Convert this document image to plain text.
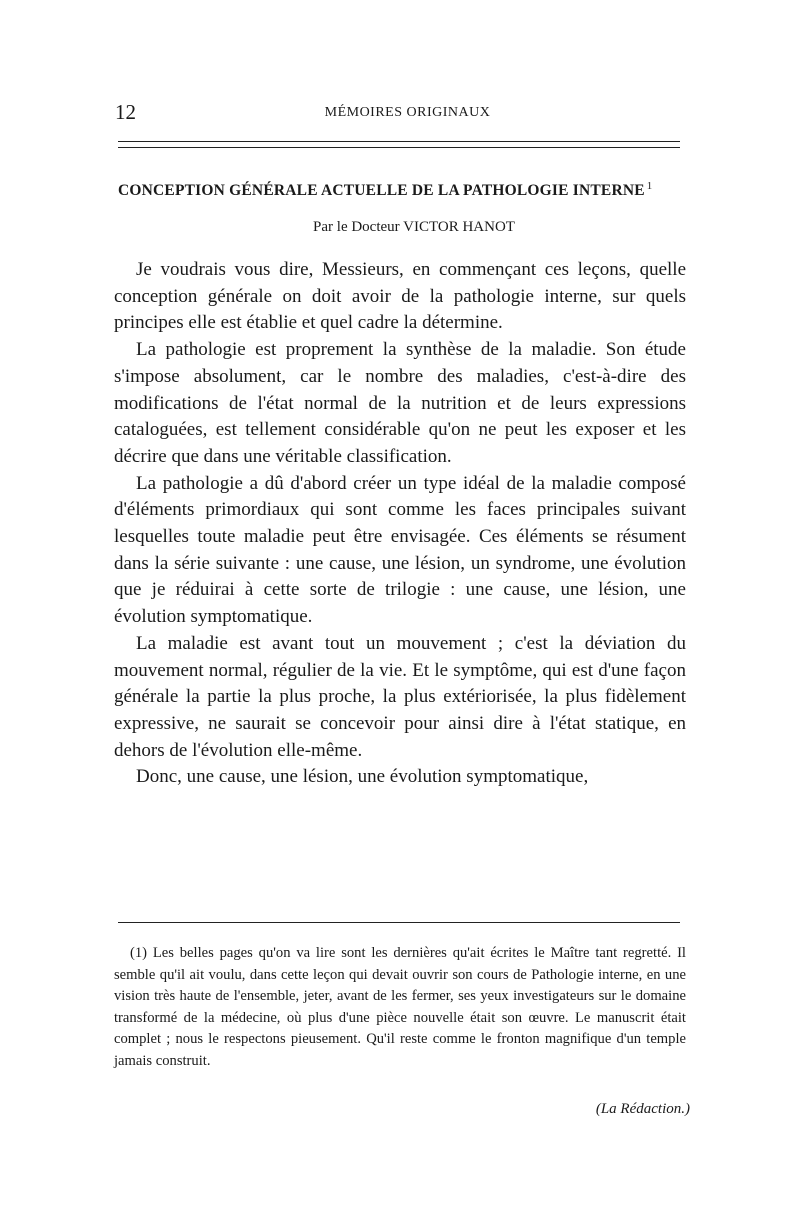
12	MÉMOIRES ORIGINAUX
CONCEPTION GÉNÉRALE ACTUELLE DE LA PATHOLOGIE INTERNE $^1$
Par le Docteur VICTOR HANOT

Je voudrais vous dire, Messieurs, en commençant ces leçons, quelle conception générale on doit avoir de la pathologie interne, sur quels principes elle est établie et quel cadre la détermine.

La pathologie est proprement la synthèse de la maladie. Son étude s'impose absolument, car le nombre des maladies, c'est-à-dire des modifications de l'état normal de la nutrition et de leurs expressions cataloguées, est tellement considérable qu'on ne peut les exposer et les décrire que dans une véritable classification.

La pathologie a dû d'abord créer un type idéal de la maladie composé d'éléments primordiaux qui sont comme les faces principales suivant lesquelles toute maladie peut être envisagée. Ces éléments se résument dans la série suivante : une cause, une lésion, un syndrome, une évolution que je réduirai à cette sorte de trilogie : une cause, une lésion, une évolution symptomatique.

La maladie est avant tout un mouvement ; c'est la déviation du mouvement normal, régulier de la vie. Et le symptôme, qui est d'une façon générale la partie la plus proche, la plus extériorisée, la plus fidèlement expressive, ne saurait se concevoir pour ainsi dire à l'état statique, en dehors de l'évolution elle-même.

Donc, une cause, une lésion, une évolution symptomatique,

(1) Les belles pages qu'on va lire sont les dernières qu'ait écrites le Maître tant regretté. Il semble qu'il ait voulu, dans cette leçon qui devait ouvrir son cours de Pathologie interne, en une vision très haute de l'ensemble, jeter, avant de les fermer, ses yeux investigateurs sur le domaine transformé de la médecine, où plus d'une pièce nouvelle était son œuvre. Le manuscrit était complet ; nous le respectons pieusement. Qu'il reste comme le fronton magnifique d'un temple jamais construit.

(La Rédaction.)
